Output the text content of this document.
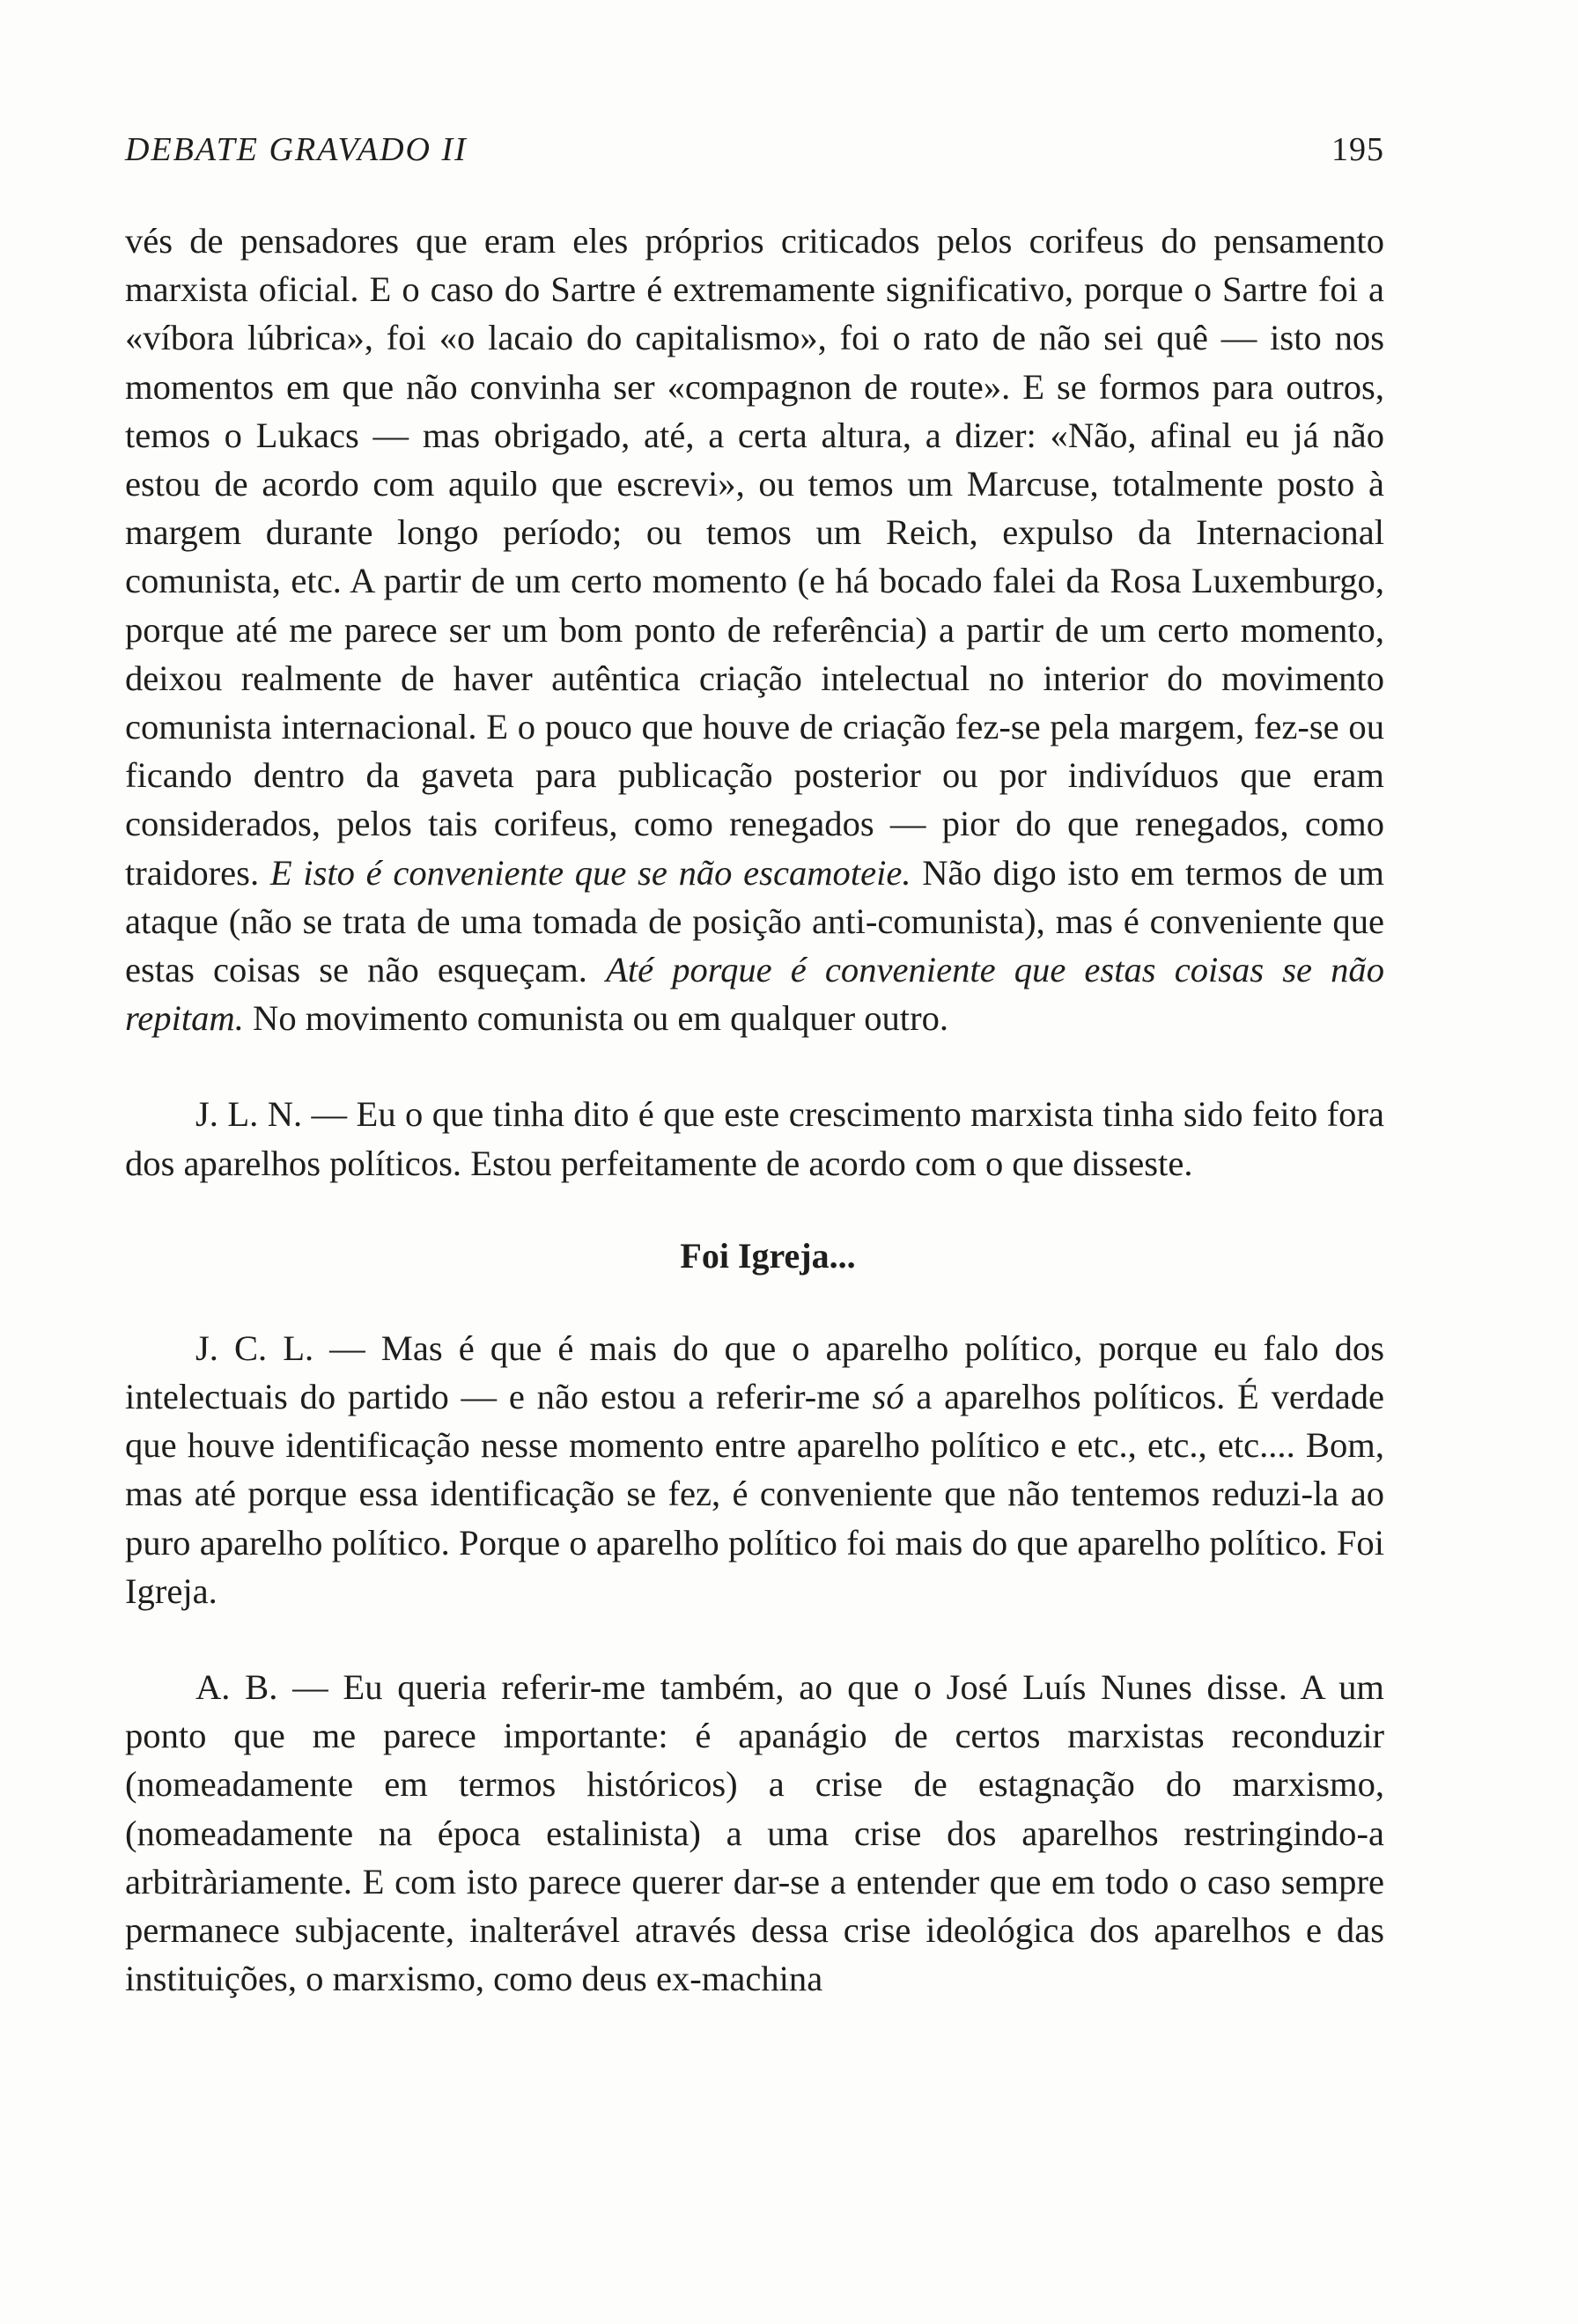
DEBATE GRAVADO II	195

vés de pensadores que eram eles próprios criticados pelos corifeus do pensamento marxista oficial. E o caso do Sartre é extremamente significativo, porque o Sartre foi a «víbora lúbrica», foi «o lacaio do capitalismo», foi o rato de não sei quê — isto nos momentos em que não convinha ser «compagnon de route». E se formos para outros, temos o Lukacs — mas obrigado, até, a certa altura, a dizer: «Não, afinal eu já não estou de acordo com aquilo que escrevi», ou temos um Marcuse, totalmente posto à margem durante longo período; ou temos um Reich, expulso da Internacional comunista, etc. A partir de um certo momento (e há bocado falei da Rosa Luxemburgo, porque até me parece ser um bom ponto de referência) a partir de um certo momento, deixou realmente de haver autêntica criação intelectual no interior do movimento comunista internacional. E o pouco que houve de criação fez-se pela margem, fez-se ou ficando dentro da gaveta para publicação posterior ou por indivíduos que eram considerados, pelos tais corifeus, como renegados — pior do que renegados, como traidores. E isto é conveniente que se não escamoteie. Não digo isto em termos de um ataque (não se trata de uma tomada de posição anti-comunista), mas é conveniente que estas coisas se não esqueçam. Até porque é conveniente que estas coisas se não repitam. No movimento comunista ou em qualquer outro.

J. L. N. — Eu o que tinha dito é que este crescimento marxista tinha sido feito fora dos aparelhos políticos. Estou perfeitamente de acordo com o que disseste.

Foi Igreja...

J. C. L. — Mas é que é mais do que o aparelho político, porque eu falo dos intelectuais do partido — e não estou a referir-me só a aparelhos políticos. É verdade que houve identificação nesse momento entre aparelho político e etc., etc., etc.... Bom, mas até porque essa identificação se fez, é conveniente que não tentemos reduzi-la ao puro aparelho político. Porque o aparelho político foi mais do que aparelho político. Foi Igreja.

A. B. — Eu queria referir-me também, ao que o José Luís Nunes disse. A um ponto que me parece importante: é apanágio de certos marxistas reconduzir (nomeadamente em termos históricos) a crise de estagnação do marxismo, (nomeadamente na época estalinista) a uma crise dos aparelhos restringindo-a arbitràriamente. E com isto parece querer dar-se a entender que em todo o caso sempre permanece subjacente, inalterável através dessa crise ideológica dos aparelhos e das instituições, o marxismo, como deus ex-machina
